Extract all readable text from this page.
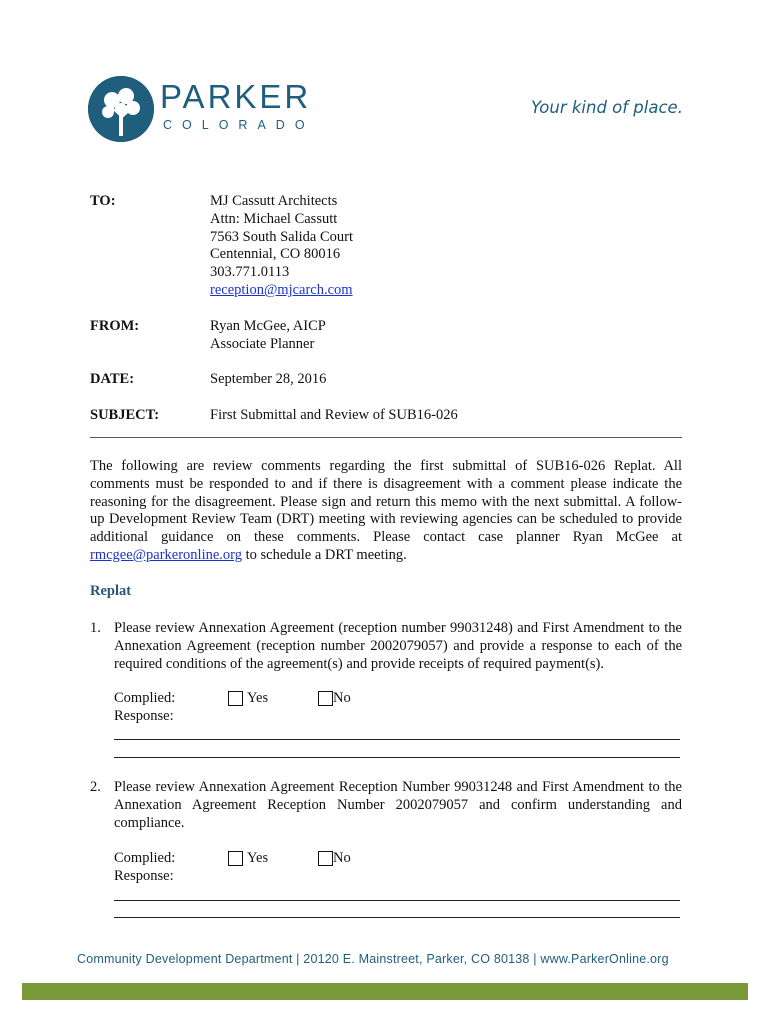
PARKER
COLORADO
Your kind of place.
TO:	MJ Cassutt Architects
Attn: Michael Cassutt
7563 South Salida Court
Centennial, CO 80016
303.771.0113
reception@mjcarch.com
FROM:	Ryan McGee, AICP
Associate Planner
DATE:	September 28, 2016
SUBJECT:	First Submittal and Review of SUB16-026
The following are review comments regarding the first submittal of SUB16-026 Replat. All comments must be responded to and if there is disagreement with a comment please indicate the reasoning for the disagreement. Please sign and return this memo with the next submittal. A follow-up Development Review Team (DRT) meeting with reviewing agencies can be scheduled to provide additional guidance on these comments. Please contact case planner Ryan McGee at rmcgee@parkeronline.org to schedule a DRT meeting.
Replat
1. Please review Annexation Agreement (reception number 99031248) and First Amendment to the Annexation Agreement (reception number 2002079057) and provide a response to each of the required conditions of the agreement(s) and provide receipts of required payment(s).
Complied:	Yes	No
Response:
2. Please review Annexation Agreement Reception Number 99031248 and First Amendment to the Annexation Agreement Reception Number 2002079057 and confirm understanding and compliance.
Complied:	Yes	No
Response:
Community Development Department | 20120 E. Mainstreet, Parker, CO 80138 | www.ParkerOnline.org
